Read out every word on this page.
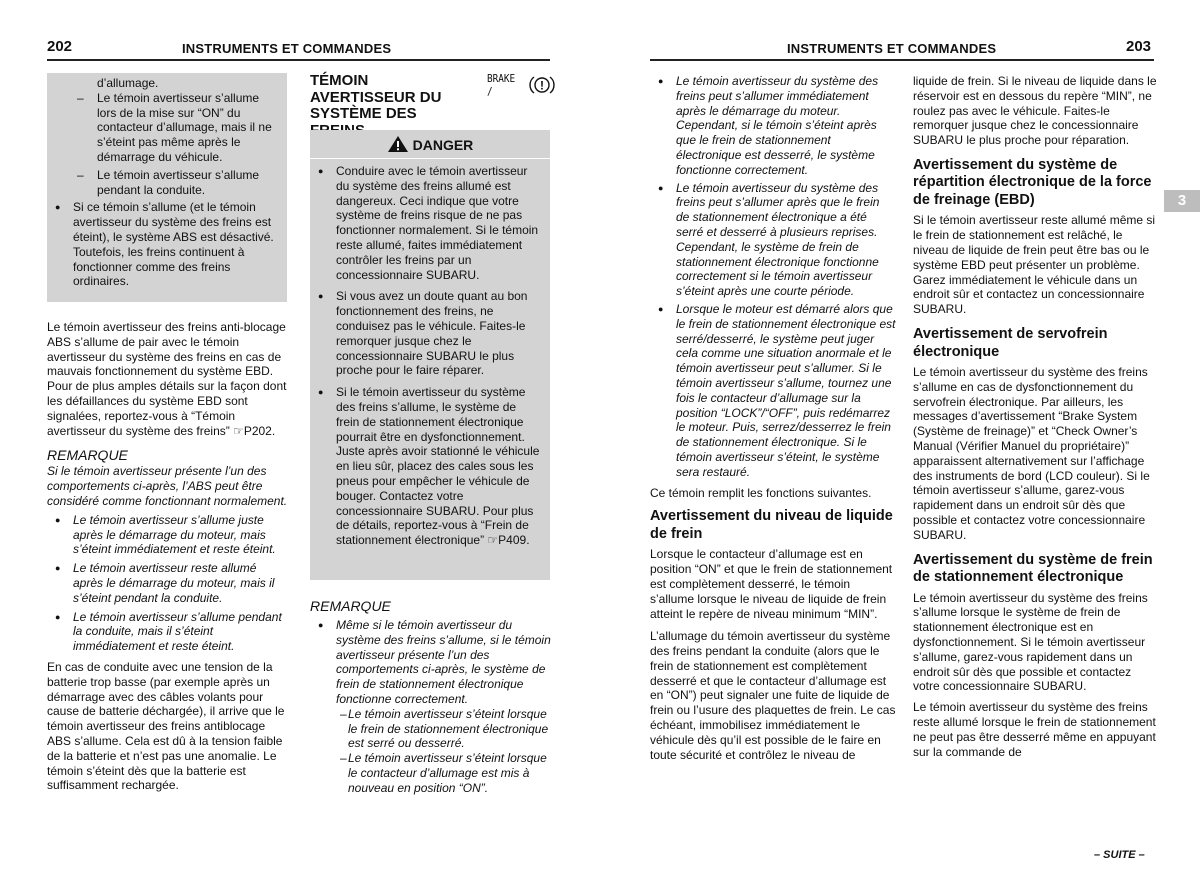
202	INSTRUMENTS ET COMMANDES	INSTRUMENTS ET COMMANDES	203

d’allumage.

– Le témoin avertisseur s’allume lors de la mise sur “ON” du contacteur d’allumage, mais il ne s’éteint pas même après le démarrage du véhicule.

– Le témoin avertisseur s’allume pendant la conduite.

● Si ce témoin s’allume (et le témoin avertisseur du système des freins est éteint), le système ABS est désactivé. Toutefois, les freins continuent à fonctionner comme des freins ordinaires.

Le témoin avertisseur des freins anti-blocage ABS s’allume de pair avec le témoin avertisseur du système des freins en cas de mauvais fonctionnement du système EBD. Pour de plus amples détails sur la façon dont les défaillances du système EBD sont signalées, reportez-vous à “Témoin avertisseur du système des freins” ☞P202.

REMARQUE

Si le témoin avertisseur présente l’un des comportements ci-après, l’ABS peut être considéré comme fonctionnant normalement.

● Le témoin avertisseur s’allume juste après le démarrage du moteur, mais s’éteint immédiatement et reste éteint.

● Le témoin avertisseur reste allumé après le démarrage du moteur, mais il s’éteint pendant la conduite.

● Le témoin avertisseur s’allume pendant la conduite, mais il s’éteint immédiatement et reste éteint.

En cas de conduite avec une tension de la batterie trop basse (par exemple après un démarrage avec des câbles volants pour cause de batterie déchargée), il arrive que le témoin avertisseur des freins antiblocage ABS s’allume. Cela est dû à la tension faible de la batterie et n’est pas une anomalie. Le témoin s’éteint dès que la batterie est suffisamment rechargée.

TÉMOIN AVERTISSEUR DU SYSTÈME DES
BRAKE /	!
DANGER

● Conduire avec le témoin avertisseur du système des freins allumé est dangereux. Ceci indique que votre système de freins risque de ne pas fonctionner normalement. Si le témoin reste allumé, faites immédiatement contrôler les freins par un concessionnaire SUBARU.

● Si vous avez un doute quant au bon fonctionnement des freins, ne conduisez pas le véhicule. Faites-le remorquer jusque chez le concessionnaire SUBARU le plus proche pour le faire réparer.

● Si le témoin avertisseur du système des freins s’allume, le système de frein de stationnement électronique pourrait être en dysfonctionnement. Juste après avoir stationné le véhicule en lieu sûr, placez des cales sous les pneus pour empêcher le véhicule de bouger. Contactez votre concessionnaire SUBARU. Pour plus de détails, reportez-vous à “Frein de stationnement électronique” ☞P409.

REMARQUE

● Même si le témoin avertisseur du système des freins s’allume, si le témoin avertisseur présente l’un des comportements ci-après, le système de frein de stationnement électronique fonctionne correctement.

– Le témoin avertisseur s’éteint lorsque le frein de stationnement électronique est serré ou desserré.

– Le témoin avertisseur s’éteint lorsque le contacteur d’allumage est mis à nouveau en position “ON”.

● Le témoin avertisseur du système des freins peut s’allumer immédiatement après le démarrage du moteur. Cependant, si le témoin s’éteint après que le frein de stationnement électronique est desserré, le système fonctionne correctement.

● Le témoin avertisseur du système des freins peut s’allumer après que le frein de stationnement électronique a été serré et desserré à plusieurs reprises. Cependant, le système de frein de stationnement électronique fonctionne correctement si le témoin avertisseur s’éteint après une courte période.

● Lorsque le moteur est démarré alors que le frein de stationnement électronique est serré/desserré, le système peut juger cela comme une situation anormale et le témoin avertisseur peut s’allumer. Si le témoin avertisseur s’allume, tournez une fois le contacteur d’allumage sur la position “LOCK”/“OFF”, puis redémarrez le moteur. Puis, serrez/desserrez le frein de stationnement électronique. Si le témoin avertisseur s’éteint, le système sera restauré.

Ce témoin remplit les fonctions suivantes.

Avertissement du niveau de liquide de frein

Lorsque le contacteur d’allumage est en position “ON” et que le frein de stationnement est complètement desserré, le témoin s’allume lorsque le niveau de liquide de frein atteint le repère de niveau minimum “MIN”.

L’allumage du témoin avertisseur du système des freins pendant la conduite (alors que le frein de stationnement est complètement desserré et que le contacteur d’allumage est en “ON”) peut signaler une fuite de liquide de frein ou l’usure des plaquettes de frein. Le cas échéant, immobilisez immédiatement le véhicule dès qu’il est possible de le faire en toute sécurité et contrôlez le niveau de

liquide de frein. Si le niveau de liquide dans le réservoir est en dessous du repère “MIN”, ne roulez pas avec le véhicule. Faites-le remorquer jusque chez le concessionnaire SUBARU le plus proche pour réparation.

Avertissement du système de répartition électronique de la force de freinage (EBD)

Si le témoin avertisseur reste allumé même si le frein de stationnement est relâché, le niveau de liquide de frein peut être bas ou le système EBD peut présenter un problème. Garez immédiatement le véhicule dans un endroit sûr et contactez un concessionnaire SUBARU.

Avertissement de servofrein électronique

Le témoin avertisseur du système des freins s’allume en cas de dysfonctionnement du servofrein électronique. Par ailleurs, les messages d’avertissement “Brake System (Système de freinage)” et “Check Owner’s Manual (Vérifier Manuel du propriétaire)” apparaissent alternativement sur l’affichage des instruments de bord (LCD couleur). Si le témoin avertisseur s’allume, garez-vous rapidement dans un endroit sûr dès que possible et contactez votre concessionnaire SUBARU.

Avertissement du système de frein de stationnement électronique

Le témoin avertisseur du système des freins s’allume lorsque le système de frein de stationnement électronique est en dysfonctionnement. Si le témoin avertisseur s’allume, garez-vous rapidement dans un endroit sûr dès que possible et contactez votre concessionnaire SUBARU.

Le témoin avertisseur du système des freins reste allumé lorsque le frein de stationnement ne peut pas être desserré même en appuyant sur la commande de

3
– SUITE –
